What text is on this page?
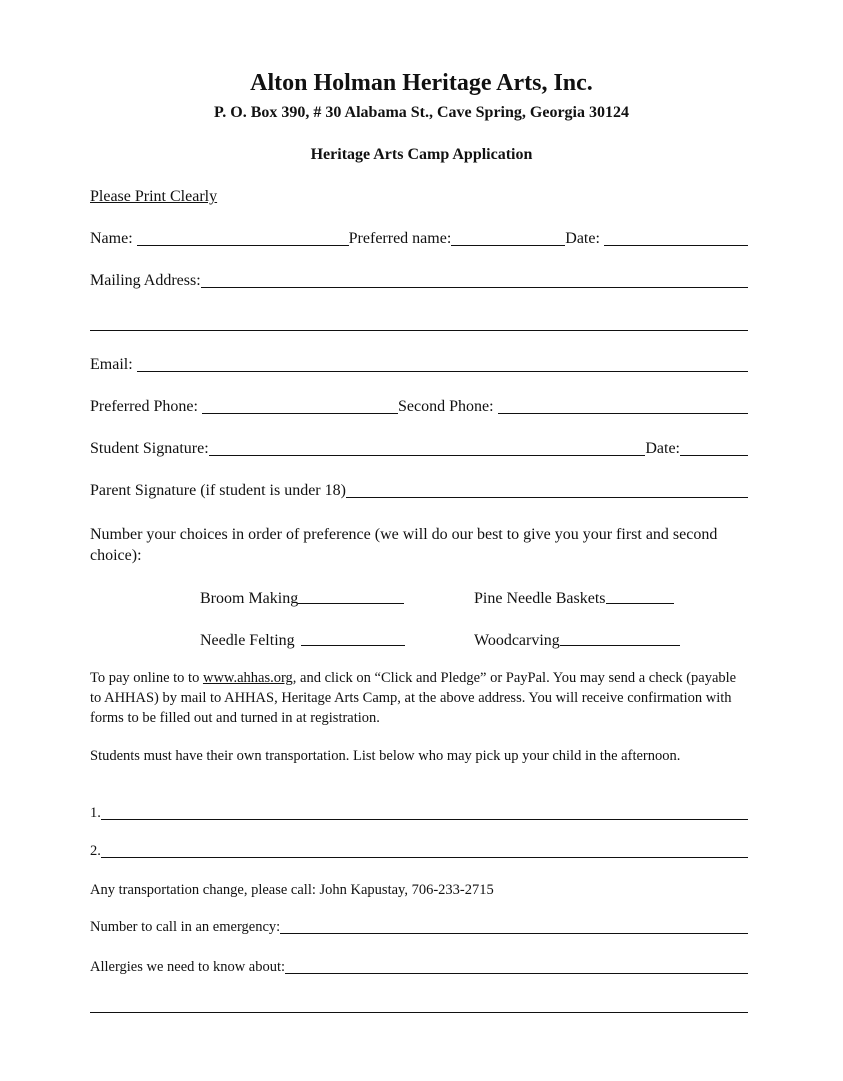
Alton Holman Heritage Arts, Inc.
P. O. Box 390, # 30 Alabama St., Cave Spring, Georgia 30124
Heritage Arts Camp Application
Please Print Clearly
Name:	Preferred name:	Date:
Mailing Address:
Email:
Preferred Phone:	Second Phone:
Student Signature:	Date:
Parent Signature (if student is under 18)
Number your choices in order of preference (we will do our best to give you your first and second choice):
Broom Making	Pine Needle Baskets
Needle Felting	Woodcarving
To pay online to to www.ahhas.org, and click on “Click and Pledge” or PayPal. You may send a check (payable to AHHAS) by mail to AHHAS, Heritage Arts Camp, at the above address. You will receive confirmation with forms to be filled out and turned in at registration.
Students must have their own transportation. List below who may pick up your child in the afternoon.
1.
2.
Any transportation change, please call: John Kapustay, 706-233-2715
Number to call in an emergency:
Allergies we need to know about:
